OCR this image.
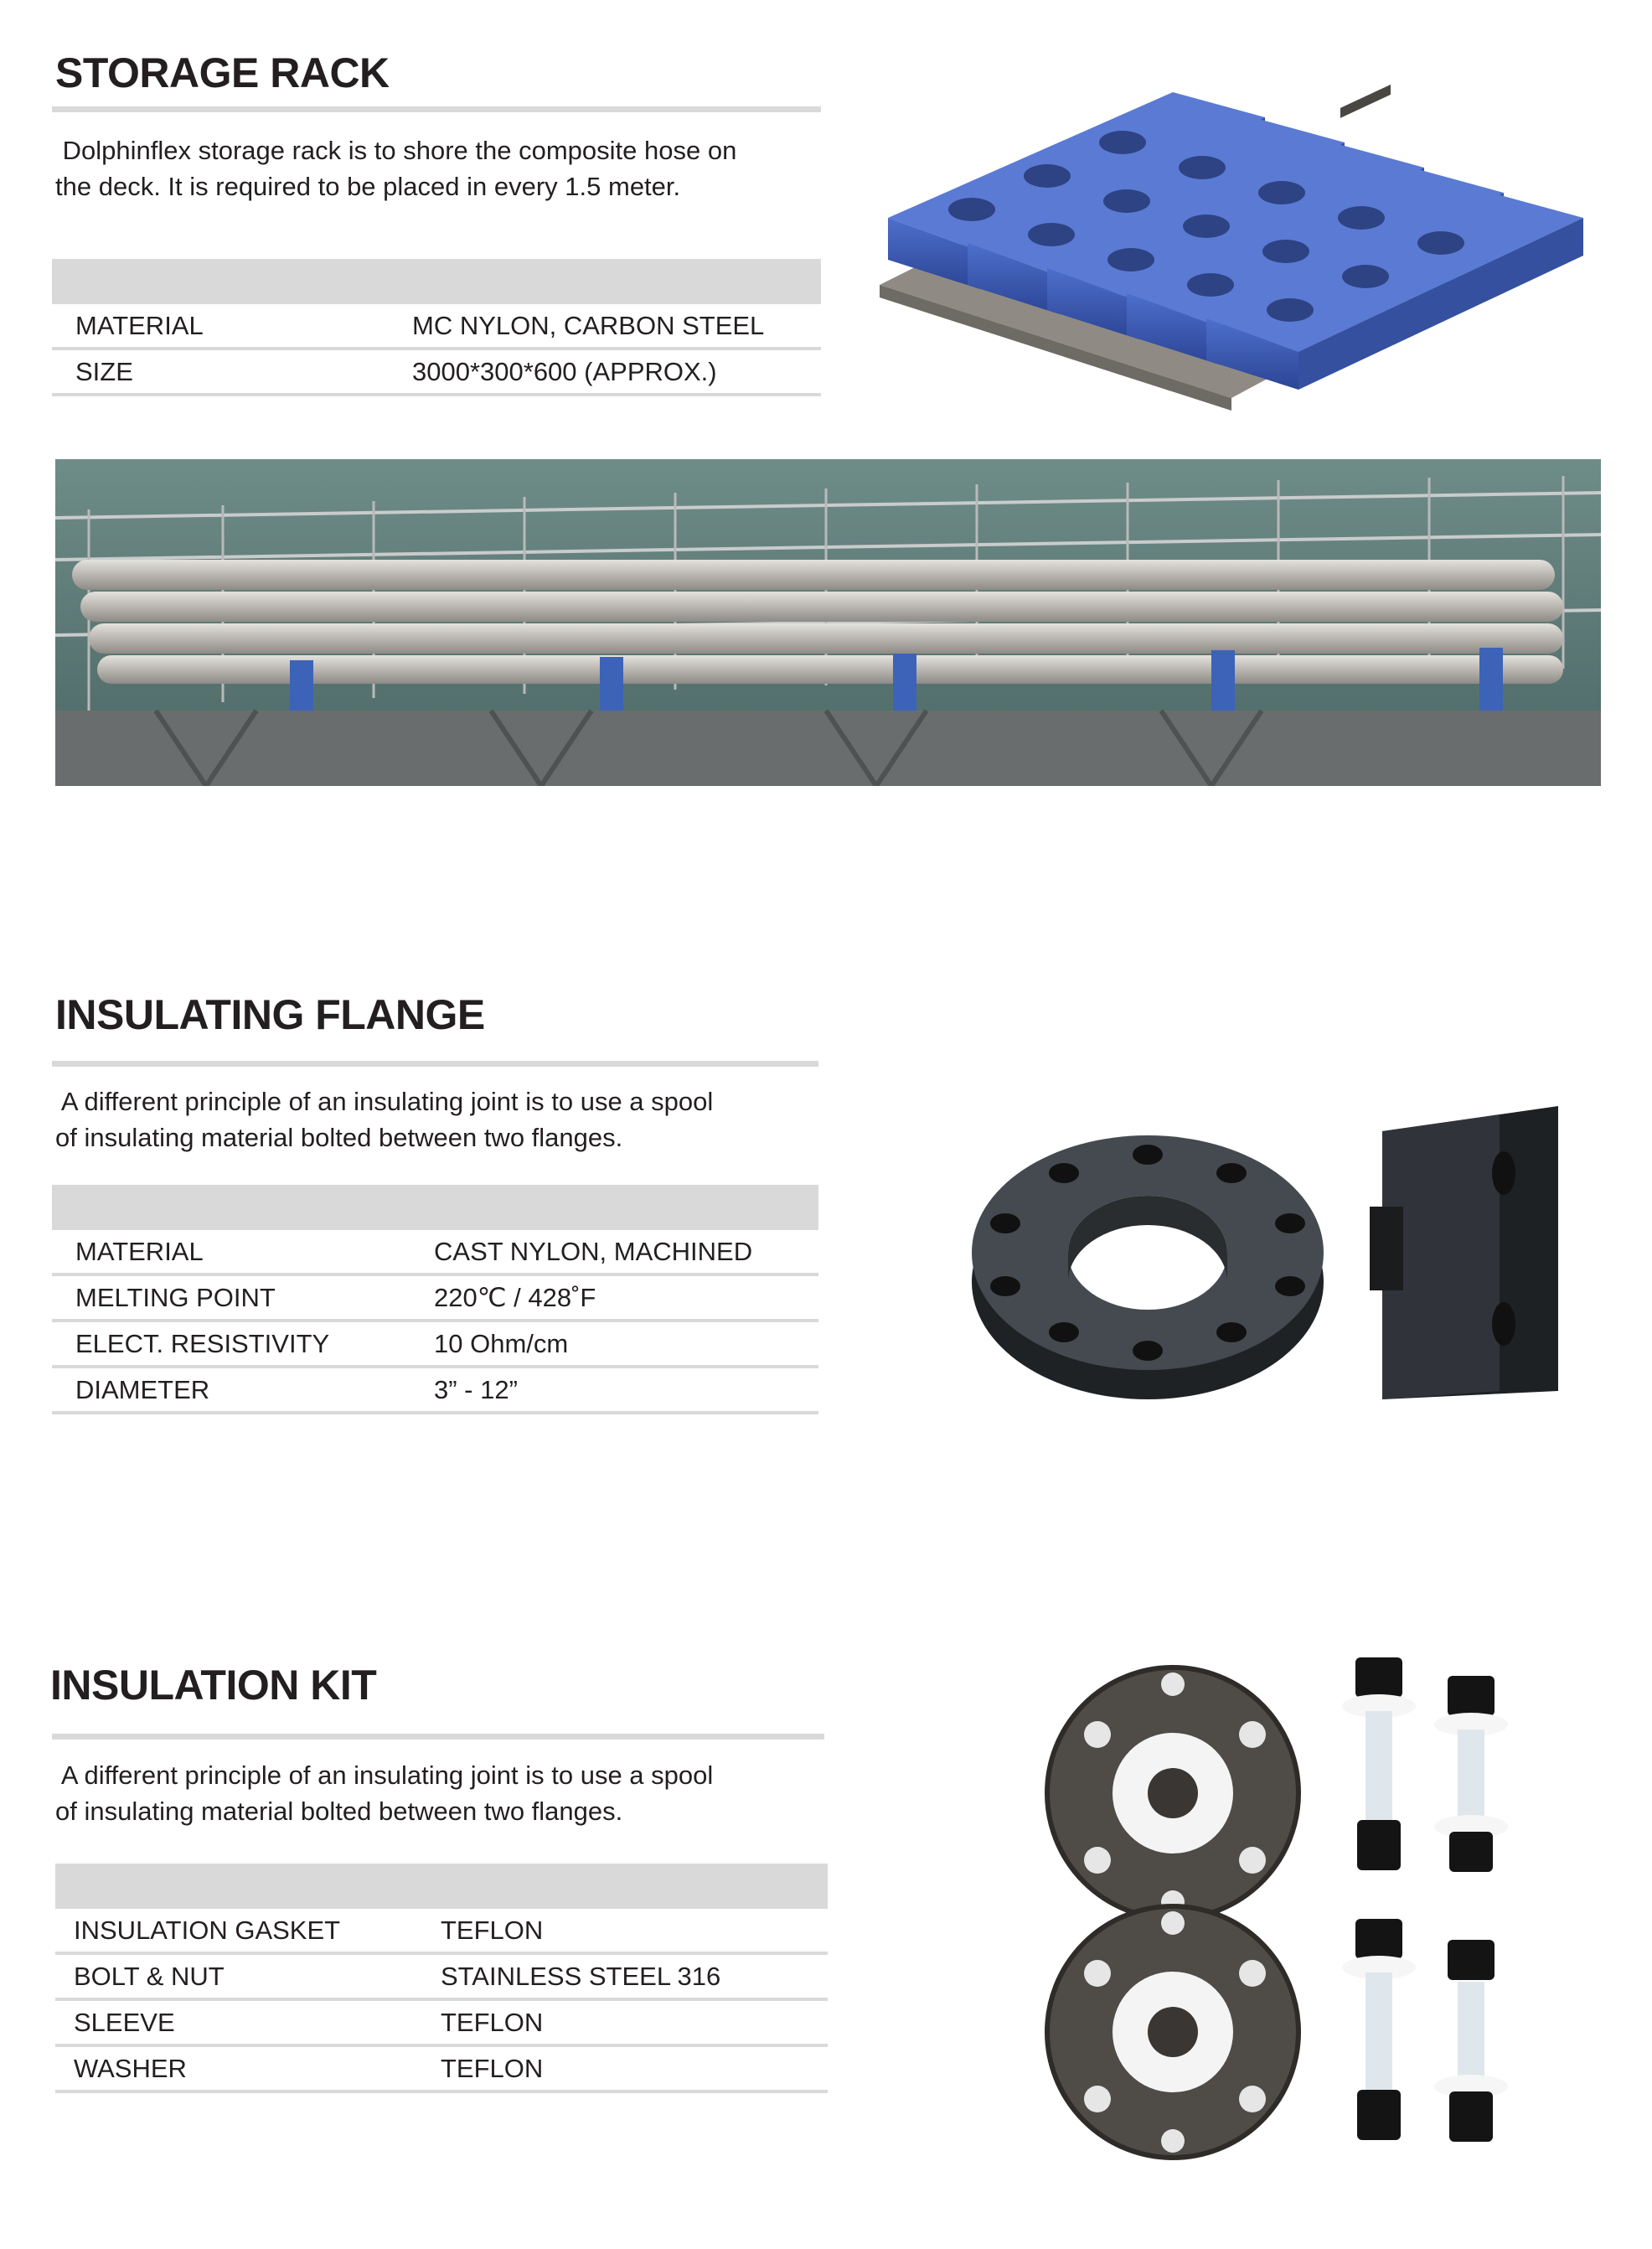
STORAGE RACK
Dolphinflex storage rack is to shore the composite hose on
the deck. It is required to be placed in every 1.5 meter.
MATERIAL	MC NYLON, CARBON STEEL
SIZE	3000*300*600 (APPROX.)
INSULATING FLANGE
A different principle of an insulating joint is to use a spool
of insulating material bolted between two flanges.
MATERIAL	CAST NYLON, MACHINED
MELTING POINT	220℃ / 428˚F
ELECT. RESISTIVITY	10 Ohm/cm
DIAMETER	3” - 12”
INSULATION KIT
A different principle of an insulating joint is to use a spool
of insulating material bolted between two flanges.
INSULATION GASKET	TEFLON
BOLT & NUT	STAINLESS STEEL 316
SLEEVE	TEFLON
WASHER	TEFLON
